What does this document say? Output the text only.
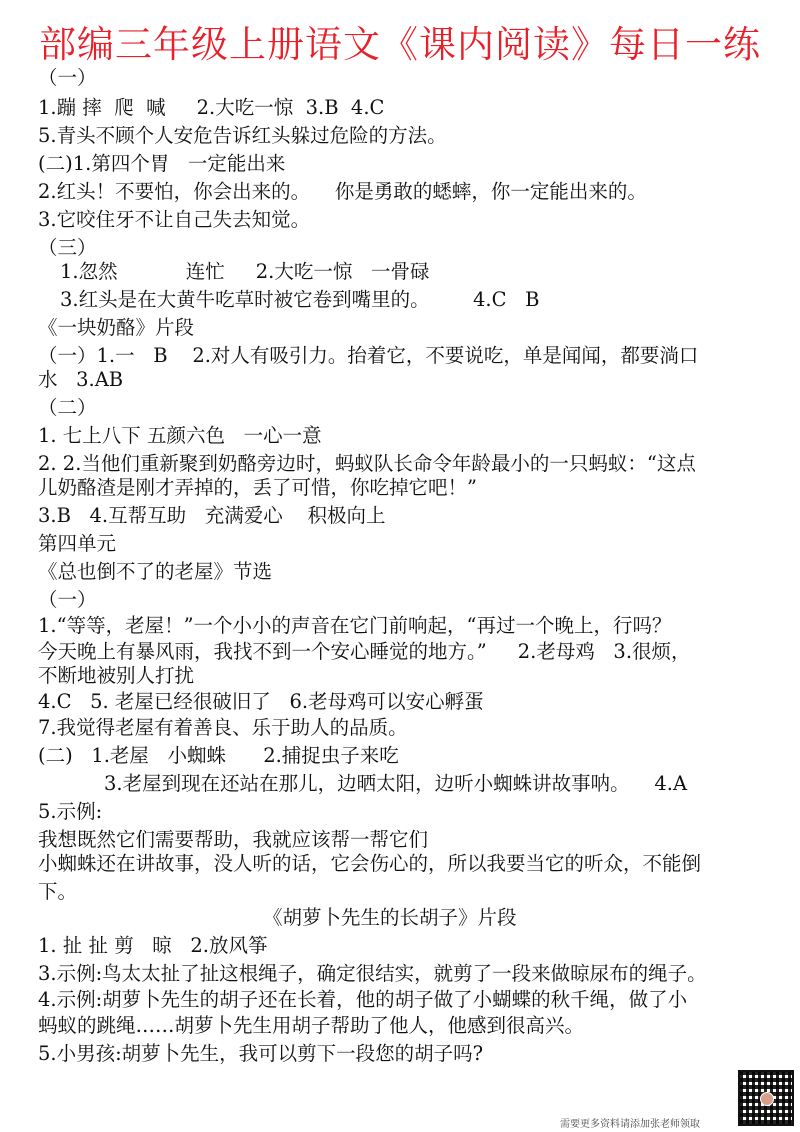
部编三年级上册语文《课内阅读》每日一练
（一）
1.蹦 摔  爬  喊     2.大吃一惊  3.B  4.C
5.青头不顾个人安危告诉红头躲过危险的方法。
(二)1.第四个胃   一定能出来
2.红头！不要怕，你会出来的。    你是勇敢的蟋蟀，你一定能出来的。
3.它咬住牙不让自己失去知觉。
（三）
1.忽然           连忙     2.大吃一惊   一骨碌
3.红头是在大黄牛吃草时被它卷到嘴里的。       4.C   B
《一块奶酪》片段
（一）1.一   B    2.对人有吸引力。抬着它，不要说吃，单是闻闻，都要淌口
水   3.AB
（二）
1. 七上八下 五颜六色   一心一意
2. 2.当他们重新聚到奶酪旁边时，蚂蚁队长命令年龄最小的一只蚂蚁：“这点
儿奶酪渣是刚才弄掉的，丢了可惜，你吃掉它吧！”
3.B   4.互帮互助   充满爱心    积极向上
第四单元
《总也倒不了的老屋》节选
（一）
1.“等等，老屋！”一个小小的声音在它门前响起，“再过一个晚上，行吗？
今天晚上有暴风雨，我找不到一个安心睡觉的地方。”     2.老母鸡   3.很烦，
不断地被别人打扰
4.C   5. 老屋已经很破旧了   6.老母鸡可以安心孵蛋
7.我觉得老屋有着善良、乐于助人的品质。
(二)   1.老屋   小蜘蛛      2.捕捉虫子来吃
3.老屋到现在还站在那儿，边晒太阳，边听小蜘蛛讲故事呐。    4.A
5.示例:
我想既然它们需要帮助，我就应该帮一帮它们
小蜘蛛还在讲故事，没人听的话，它会伤心的，所以我要当它的听众，不能倒
下。
《胡萝卜先生的长胡子》片段
1. 扯 扯 剪   晾   2.放风筝
3.示例:鸟太太扯了扯这根绳子，确定很结实，就剪了一段来做晾尿布的绳子。
4.示例:胡萝卜先生的胡子还在长着，他的胡子做了小蝴蝶的秋千绳，做了小
蚂蚁的跳绳……胡萝卜先生用胡子帮助了他人，他感到很高兴。
5.小男孩:胡萝卜先生，我可以剪下一段您的胡子吗?
需要更多资料请添加张老师领取
